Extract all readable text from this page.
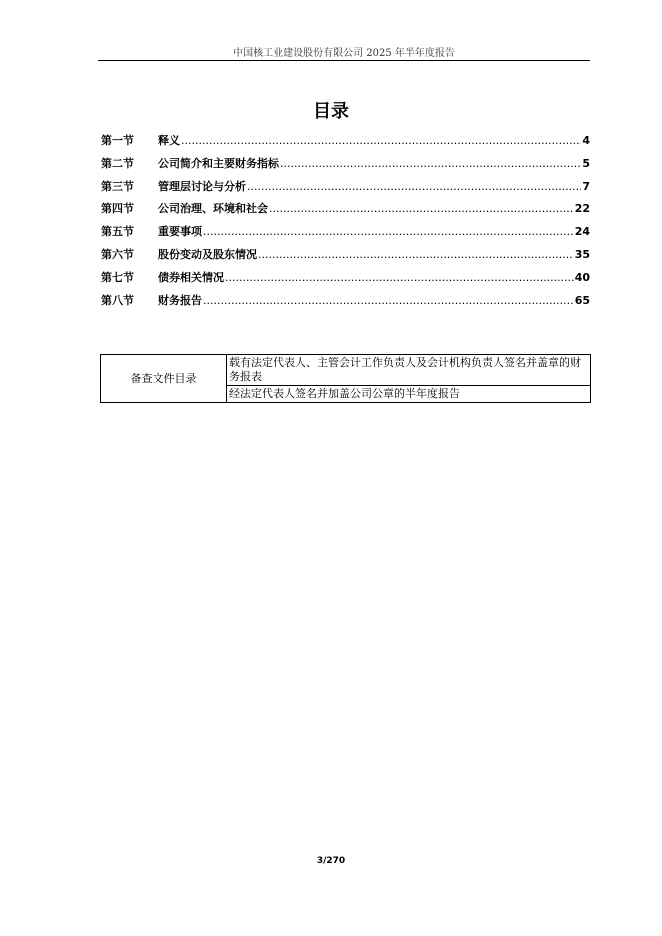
中国核工业建设股份有限公司 2025 年半年度报告
目录
第一节	释义 .....	4
第二节	公司简介和主要财务指标 .....	5
第三节	管理层讨论与分析 .....	7
第四节	公司治理、环境和社会 .....	22
第五节	重要事项 .....	24
第六节	股份变动及股东情况 .....	35
第七节	债券相关情况 .....	40
第八节	财务报告 .....	65
备查文件目录	载有法定代表人、主管会计工作负责人及会计机构负责人签名并盖章的财务报表
经法定代表人签名并加盖公司公章的半年度报告
3/270
